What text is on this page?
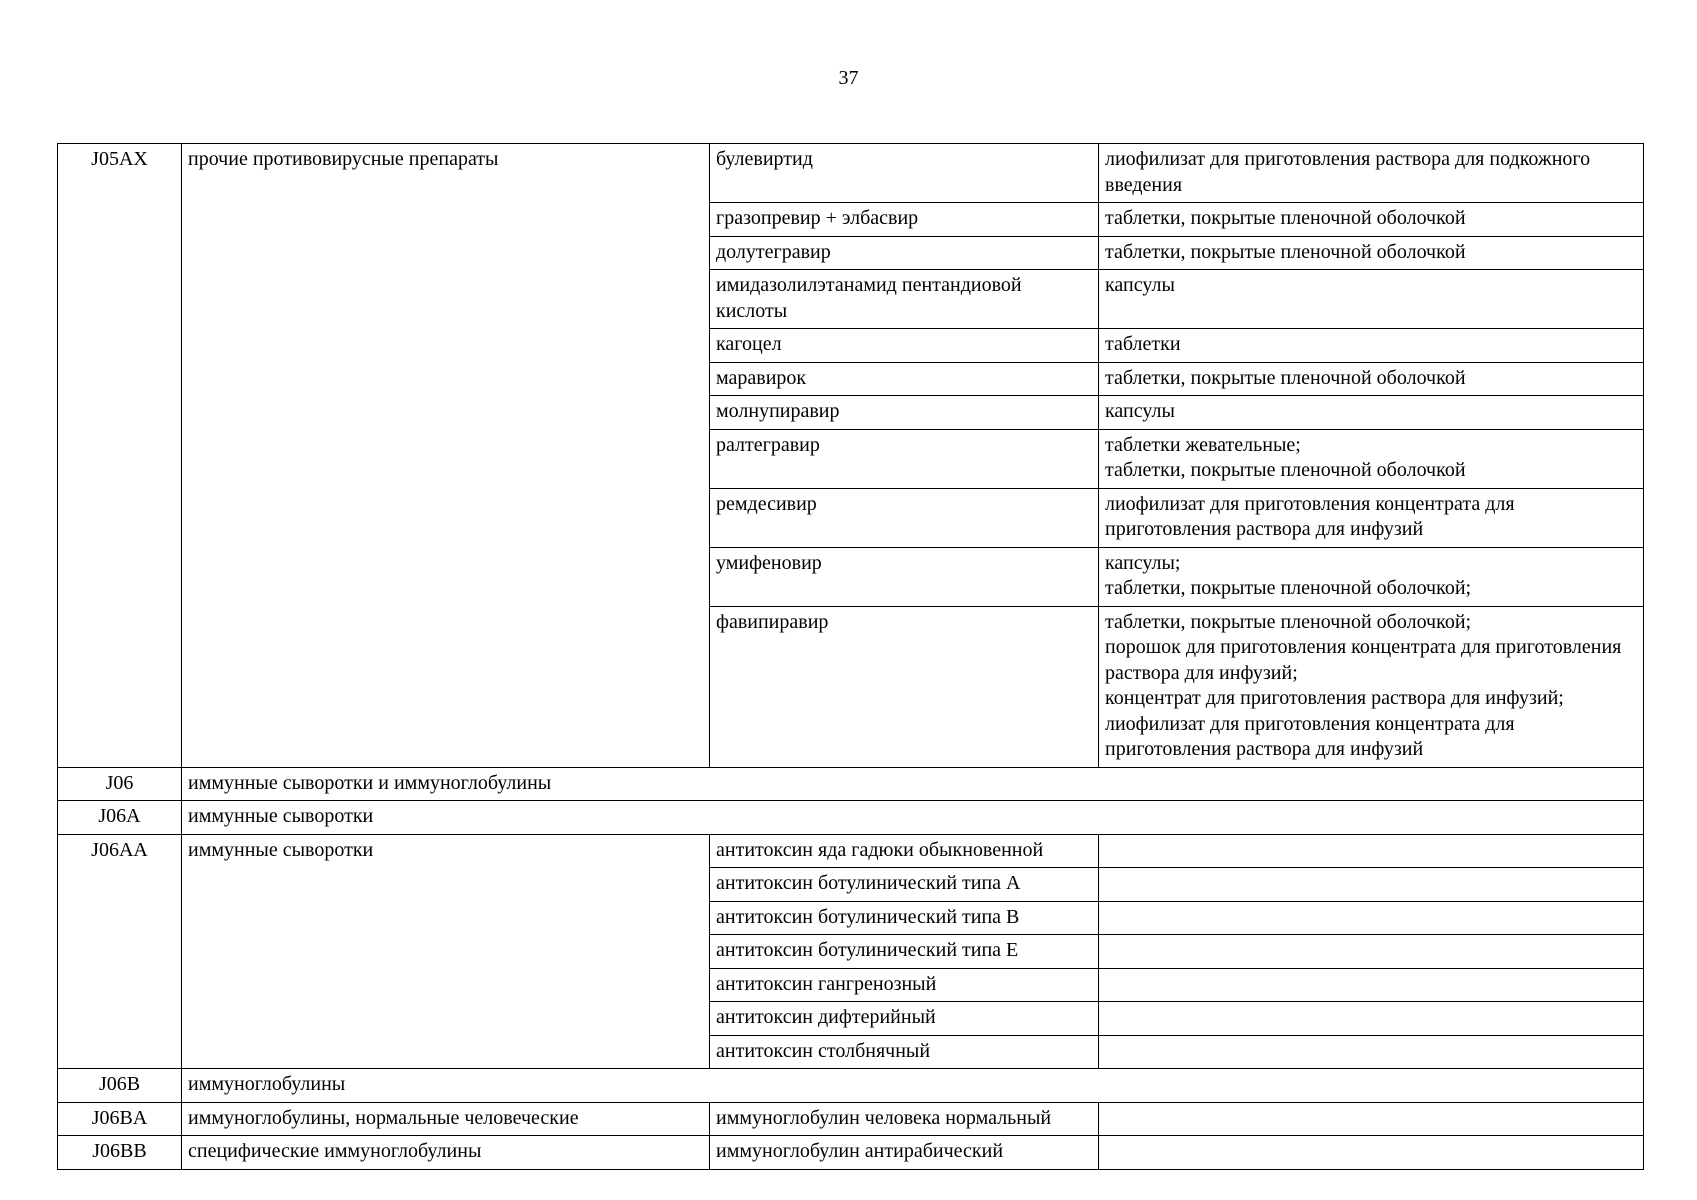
37
J05AX	прочие противовирусные препараты	булевиртид	лиофилизат для приготовления раствора для подкожного введения

		гразопревир + элбасвир	таблетки, покрытые пленочной оболочкой

		долутегравир	таблетки, покрытые пленочной оболочкой

		имидазолилэтанамид пентандиовой кислоты	капсулы

		кагоцел	таблетки

		маравирок	таблетки, покрытые пленочной оболочкой

		молнупиравир	капсулы

		ралтегравир	таблетки жевательные;
таблетки, покрытые пленочной оболочкой

		ремдесивир	лиофилизат для приготовления концентрата для приготовления раствора для инфузий

		умифеновир	капсулы;
таблетки, покрытые пленочной оболочкой;

		фавипиравир	таблетки, покрытые пленочной оболочкой;
порошок для приготовления концентрата для приготовления раствора для инфузий;
концентрат для приготовления раствора для инфузий;
лиофилизат для приготовления концентрата для приготовления раствора для инфузий

J06	иммунные сыворотки и иммуноглобулины		
J06A	иммунные сыворотки		
J06AA	иммунные сыворотки	антитоксин яда гадюки обыкновенной	

		антитоксин ботулинический типа A	

		антитоксин ботулинический типа B	

		антитоксин ботулинический типа E	

		антитоксин гангренозный	

		антитоксин дифтерийный	

		антитоксин столбнячный	

J06B	иммуноглобулины		
J06BA	иммуноглобулины, нормальные человеческие	иммуноглобулин человека нормальный	

J06BB	специфические иммуноглобулины	иммуноглобулин антирабический	
